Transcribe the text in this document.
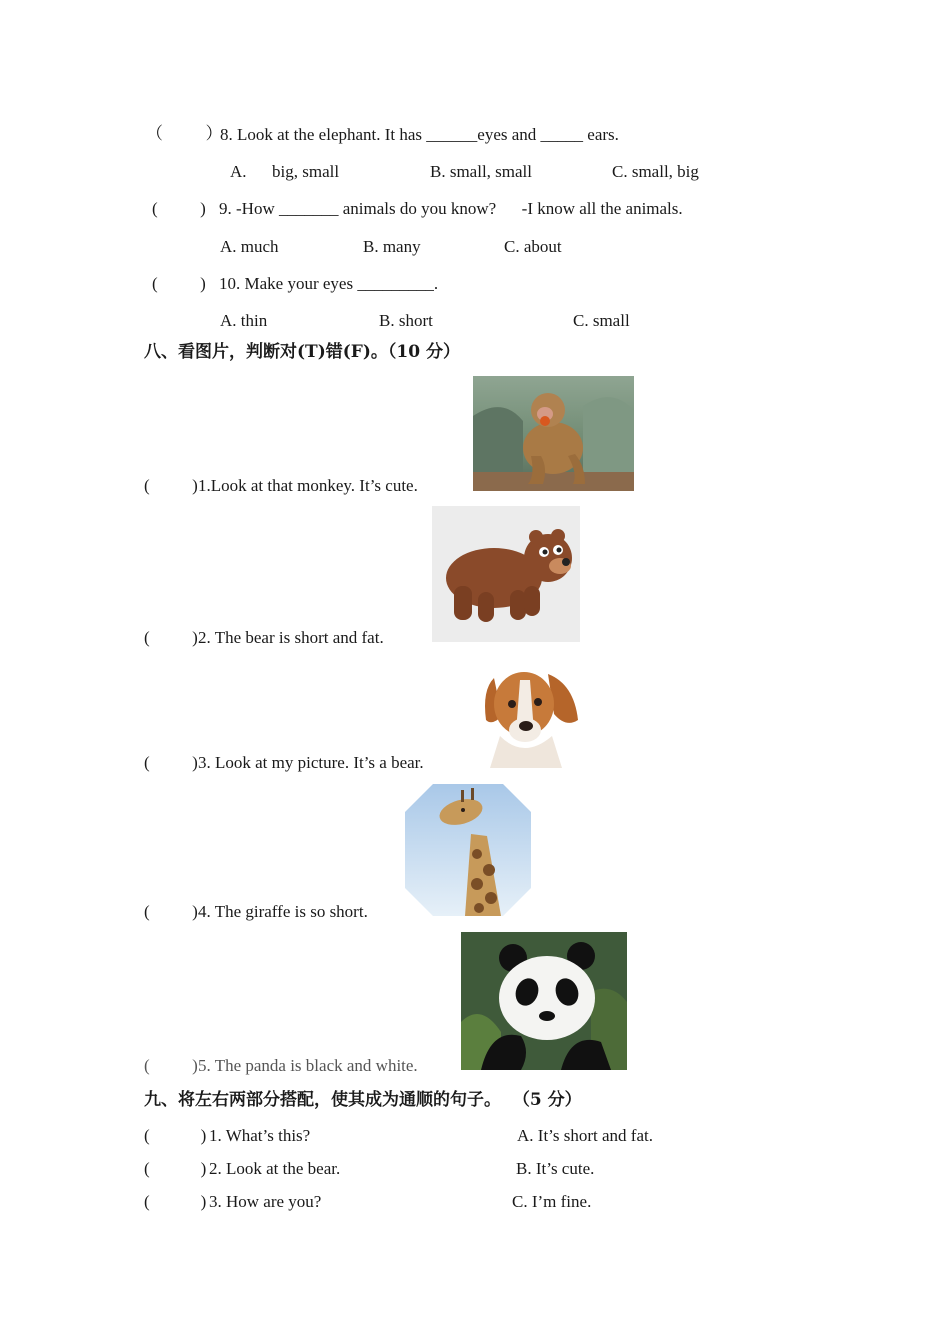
（          ）
8. Look at the elephant. It has ______eyes and _____ ears.
A.      big, small	B. small, small	C. small, big
(          ) 9. -How _______ animals do you know?      -I know all the animals.
A. much	B. many	C. about
(          ) 10. Make your eyes _________.
A. thin	B. short	C. small
八、看图片，判断对(T)错(F)。（10 分）
(          ) 1.Look at that monkey. It’s cute.
(          ) 2. The bear is short and fat.
(          ) 3. Look at my picture. It’s a bear.
(          ) 4. The giraffe is so short.
(          ) 5. The panda is black and white.
九、将左右两部分搭配，使其成为通顺的句子。  （5 分）
(            ) 1. What’s this?	A. It’s short and fat.
(            ) 2. Look at the bear.	B. It’s cute.
(            ) 3. How are you?	C. I’m fine.
